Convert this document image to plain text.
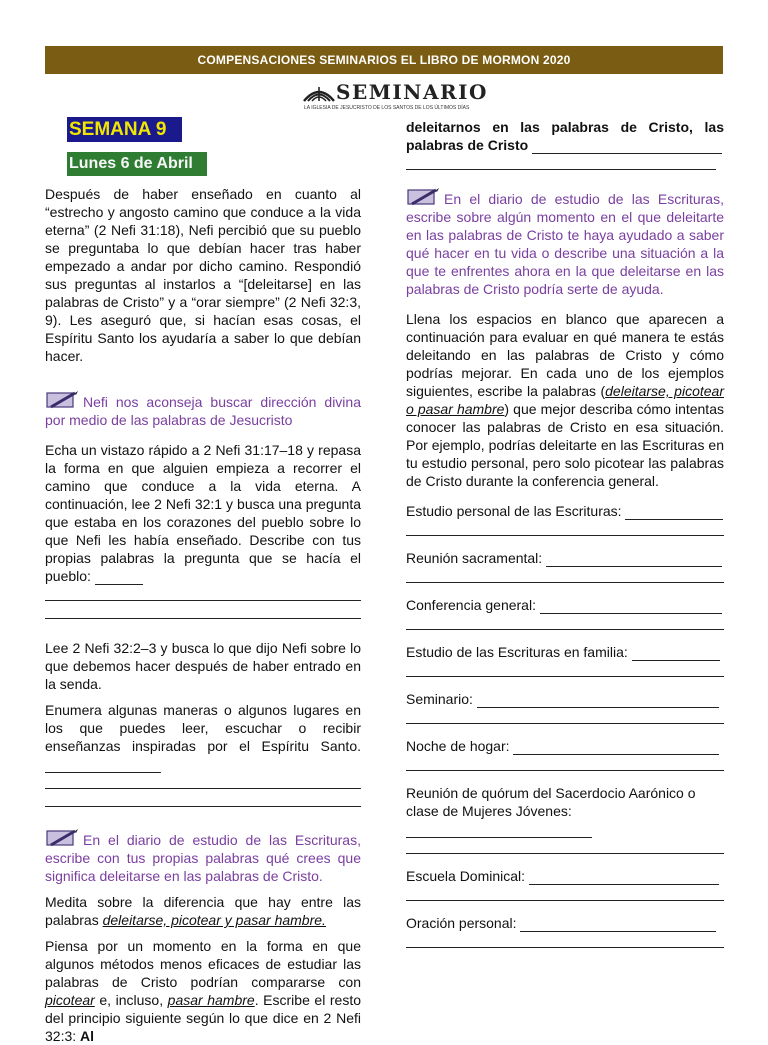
COMPENSACIONES SEMINARIOS EL LIBRO DE MORMON 2020
SEMINARIO
LA IGLESIA DE JESUCRISTO DE LOS SANTOS DE LOS ÚLTIMOS DÍAS
SEMANA 9
Lunes 6 de Abril

Después de haber enseñado en cuanto al “estrecho y angosto camino que conduce a la vida eterna” (2 Nefi 31:18), Nefi percibió que su pueblo se preguntaba lo que debían hacer tras haber empezado a andar por dicho camino. Respondió sus preguntas al instarlos a “[deleitarse] en las palabras de Cristo” y a “orar siempre” (2 Nefi 32:3, 9). Les aseguró que, si hacían esas cosas, el Espíritu Santo los ayudaría a saber lo que debían hacer.

Nefi nos aconseja buscar dirección divina por medio de las palabras de Jesucristo

Echa un vistazo rápido a 2 Nefi 31:17–18 y repasa la forma en que alguien empieza a recorrer el camino que conduce a la vida eterna. A continuación, lee 2 Nefi 32:1 y busca una pregunta que estaba en los corazones del pueblo sobre lo que Nefi les había enseñado. Describe con tus propias palabras la pregunta que se hacía el pueblo:

Lee 2 Nefi 32:2–3 y busca lo que dijo Nefi sobre lo que debemos hacer después de haber entrado en la senda.

Enumera algunas maneras o algunos lugares en los que puedes leer, escuchar o recibir enseñanzas inspiradas por el Espíritu Santo.

En el diario de estudio de las Escrituras, escribe con tus propias palabras qué crees que significa deleitarse en las palabras de Cristo.

Medita sobre la diferencia que hay entre las palabras deleitarse, picotear y pasar hambre.

Piensa por un momento en la forma en que algunos métodos menos eficaces de estudiar las palabras de Cristo podrían compararse con picotear e, incluso, pasar hambre. Escribe el resto del principio siguiente según lo que dice en 2 Nefi 32:3: Al

deleitarnos en las palabras de Cristo, las palabras de Cristo

En el diario de estudio de las Escrituras, escribe sobre algún momento en el que deleitarte en las palabras de Cristo te haya ayudado a saber qué hacer en tu vida o describe una situación a la que te enfrentes ahora en la que deleitarse en las palabras de Cristo podría serte de ayuda.

Llena los espacios en blanco que aparecen a continuación para evaluar en qué manera te estás deleitando en las palabras de Cristo y cómo podrías mejorar. En cada uno de los ejemplos siguientes, escribe la palabras (deleitarse, picotear o pasar hambre) que mejor describa cómo intentas conocer las palabras de Cristo en esa situación. Por ejemplo, podrías deleitarte en las Escrituras en tu estudio personal, pero solo picotear las palabras de Cristo durante la conferencia general.

Estudio personal de las Escrituras:
Reunión sacramental:
Conferencia general:
Estudio de las Escrituras en familia:
Seminario:
Noche de hogar:
Reunión de quórum del Sacerdocio Aarónico o clase de Mujeres Jóvenes:
Escuela Dominical:
Oración personal:
